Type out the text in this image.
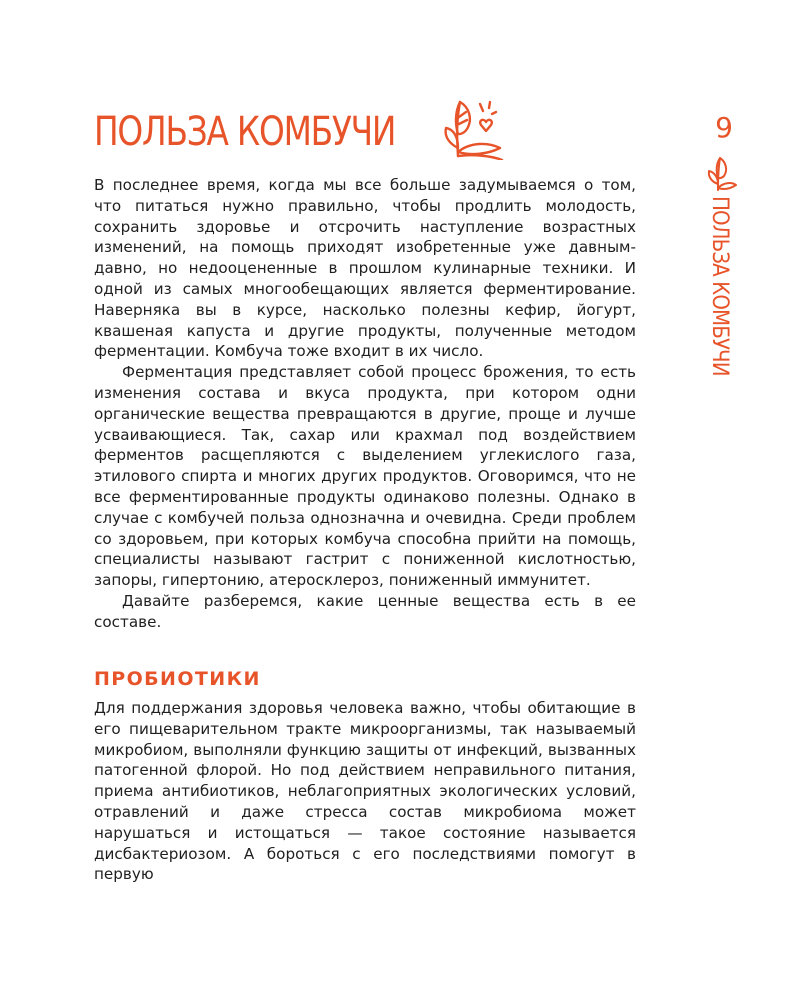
ПОЛЬЗА КОМБУЧИ	9
ПОЛЬЗА КОМБУЧИ

В последнее время, когда мы все больше задумываемся о том, что питаться нужно правильно, чтобы продлить молодость, сохранить здоровье и отсрочить наступление возрастных изменений, на помощь приходят изобретенные уже давным-давно, но недооцененные в прошлом кулинарные техники. И одной из самых многообещающих является ферментирование. Наверняка вы в курсе, насколько полезны кефир, йогурт, квашеная капуста и другие продукты, полученные методом ферментации. Комбуча тоже входит в их число.

Ферментация представляет собой процесс брожения, то есть изменения состава и вкуса продукта, при котором одни органические вещества превращаются в другие, проще и лучше усваивающиеся. Так, сахар или крахмал под воздействием ферментов расщепляются с выделением углекислого газа, этилового спирта и многих других продуктов. Оговоримся, что не все ферментированные продукты одинаково полезны. Однако в случае с комбучей польза однозначна и очевидна. Среди проблем со здоровьем, при которых комбуча способна прийти на помощь, специалисты называют гастрит с пониженной кислотностью, запоры, гипертонию, атеросклероз, пониженный иммунитет.

Давайте разберемся, какие ценные вещества есть в ее составе.

ПРОБИОТИКИ

Для поддержания здоровья человека важно, чтобы обитающие в его пищеварительном тракте микроорганизмы, так называемый микробиом, выполняли функцию защиты от инфекций, вызванных патогенной флорой. Но под действием неправильного питания, приема антибиотиков, неблагоприятных экологических условий, отравлений и даже стресса состав микробиома может нарушаться и истощаться — такое состояние называется дисбактериозом. А бороться с его последствиями помогут в первую
